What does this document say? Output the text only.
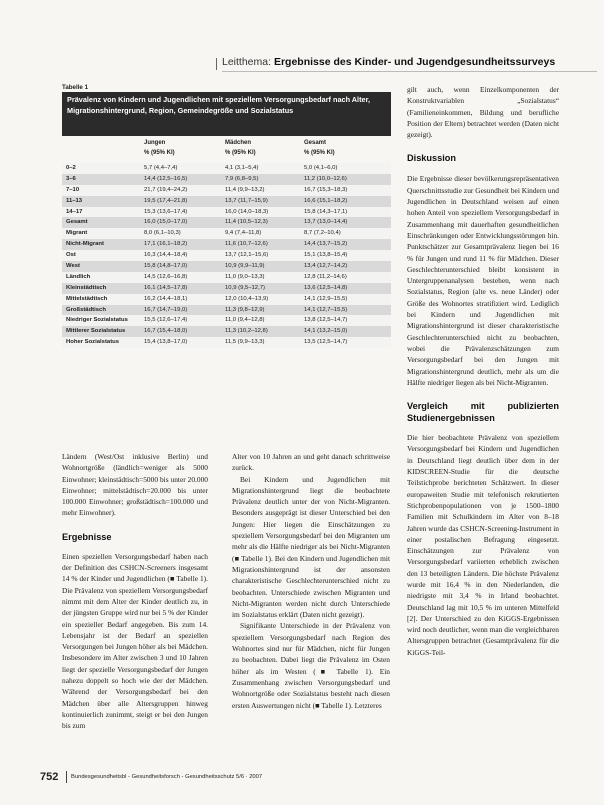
Leitthema: Ergebnisse des Kinder- und Jugendgesundheitssurveys
Tabelle 1
Prävalenz von Kindern und Jugendlichen mit speziellem Versorgungsbedarf nach Alter, Migrationshintergrund, Region, Gemeindegröße und Sozialstatus
Jungen
% (95% KI)
Mädchen
% (95% KI)
Gesamt
% (95% KI)
0–2	5,7 (4,4–7,4)	4,1 (3,1–5,4)	5,0 (4,1–6,0)
3–6	14,4 (12,5–16,5)	7,9 (6,8–9,5)	11,2 (10,0–12,6)
7–10	21,7 (19,4–24,2)	11,4 (9,9–13,2)	16,7 (15,3–18,3)
11–13	19,5 (17,4–21,8)	13,7 (11,7–15,9)	16,6 (15,1–18,2)
14–17	15,3 (13,6–17,4)	16,0 (14,0–18,3)	15,8 (14,3–17,1)
Gesamt	16,0 (15,0–17,0)	11,4 (10,5–12,3)	13,7 (13,0–14,4)
Migrant	8,0 (6,1–10,3)	9,4 (7,4–11,8)	8,7 (7,2–10,4)
Nicht-Migrant	17,1 (16,1–18,2)	11,6 (10,7–12,6)	14,4 (13,7–15,2)
Ost	16,3 (14,4–18,4)	13,7 (12,1–15,6)	15,1 (13,8–15,4)
West	15,8 (14,8–17,0)	10,9 (9,9–11,9)	13,4 (12,7–14,2)
Ländlich	14,5 (12,6–16,8)	11,0 (9,0–13,3)	12,8 (11,2–14,6)
Kleinstädtisch	16,1 (14,5–17,8)	10,9 (9,5–12,7)	13,6 (12,5–14,8)
Mittelstädtisch	16,2 (14,4–18,1)	12,0 (10,4–13,9)	14,1 (12,9–15,5)
Großstädtisch	16,7 (14,7–19,0)	11,3 (9,8–12,9)	14,1 (12,7–15,5)
Niedriger Sozialstatus	15,5 (12,6–17,4)	11,0 (9,4–12,8)	13,8 (12,5–14,7)
Mittlerer Sozialstatus	16,7 (15,4–18,0)	11,3 (10,2–12,8)	14,1 (13,2–15,0)
Hoher Sozialstatus	15,4 (13,8–17,0)	11,5 (9,9–13,3)	13,5 (12,5–14,7)

Ländern (West/Ost inklusive Berlin) und Wohnortgröße (ländlich=weniger als 5000 Einwohner; kleinstädtisch=5000 bis unter 20.000 Einwohner; mittelstädtisch=20.000 bis unter 100.000 Einwohner; großstädtisch=100.000 und mehr Einwohner).

Ergebnisse

Einen speziellen Versorgungsbedarf haben nach der Definition des CSHCN-Screeners insgesamt 14 % der Kinder und Jugendlichen (■ Tabelle 1). Die Prävalenz von speziellem Versorgungsbedarf nimmt mit dem Alter der Kinder deutlich zu, in der jüngsten Gruppe wird nur bei 5 % der Kinder ein spezieller Bedarf angegeben. Bis zum 14. Lebensjahr ist der Bedarf an speziellen Versorgungen bei Jungen höher als bei Mädchen. Insbesondere im Alter zwischen 3 und 10 Jahren liegt der spezielle Versorgungsbedarf der Jungen nahezu doppelt so hoch wie der der Mädchen. Während der Versorgungsbedarf bei den Mädchen über alle Altersgruppen hinweg kontinuierlich zunimmt, steigt er bei den Jungen bis zum

Alter von 10 Jahren an und geht danach schrittweise zurück.

Bei Kindern und Jugendlichen mit Migrationshintergrund liegt die beobachtete Prävalenz deutlich unter der von Nicht-Migranten. Besonders ausgeprägt ist dieser Unterschied bei den Jungen: Hier liegen die Einschätzungen zu speziellem Versorgungsbedarf bei den Migranten um mehr als die Hälfte niedriger als bei Nicht-Migranten (■ Tabelle 1). Bei den Kindern und Jugendlichen mit Migrationshintergrund ist der ansonsten charakteristische Geschlechterunterschied nicht zu beobachten. Unterschiede zwischen Migranten und Nicht-Migranten werden nicht durch Unterschiede im Sozialstatus erklärt (Daten nicht gezeigt).

Signifikante Unterschiede in der Prävalenz von speziellem Versorgungsbedarf nach Region des Wohnortes sind nur für Mädchen, nicht für Jungen zu beobachten. Dabei liegt die Prävalenz im Osten höher als im Westen (■ Tabelle 1). Ein Zusammenhang zwischen Versorgungsbedarf und Wohnortgröße oder Sozialstatus besteht nach diesen ersten Auswertungen nicht (■ Tabelle 1). Letzteres

gilt auch, wenn Einzelkomponenten der Konstruktvariablen „Sozialstatus“ (Familieneinkommen, Bildung und berufliche Position der Eltern) betrachtet werden (Daten nicht gezeigt).

Diskussion

Die Ergebnisse dieser bevölkerungsrepräsentativen Querschnittsstudie zur Gesundheit bei Kindern und Jugendlichen in Deutschland weisen auf einen hohen Anteil von speziellem Versorgungsbedarf in Zusammenhang mit dauerhaften gesundheitlichen Einschränkungen oder Entwicklungsstörungen hin. Punktschätzer zur Gesamtprävalenz liegen bei 16 % für Jungen und rund 11 % für Mädchen. Dieser Geschlechterunterschied bleibt konsistent in Untergruppenanalysen bestehen, wenn nach Sozialstatus, Region (alte vs. neue Länder) oder Größe des Wohnortes stratifiziert wird. Lediglich bei Kindern und Jugendlichen mit Migrationshintergrund ist dieser charakteristische Geschlechterunterschied nicht zu beobachten, wobei die Prävalenzschätzungen zum Versorgungsbedarf bei den Jungen mit Migrationshintergrund deutlich, mehr als um die Hälfte niedriger liegen als bei Nicht-Migranten.

Vergleich mit publizierten Studienergebnissen

Die hier beobachtete Prävalenz von speziellem Versorgungsbedarf bei Kindern und Jugendlichen in Deutschland liegt deutlich über dem in der KIDSCREEN-Studie für die deutsche Teilstichprobe berichteten Schätzwert. In dieser europaweiten Studie mit telefonisch rekrutierten Stichprobenpopulationen von je 1500–1800 Familien mit Schulkindern im Alter von 8–18 Jahren wurde das CSHCN-Screening-Instrument in einer postalischen Befragung eingesetzt. Einschätzungen zur Prävalenz von Versorgungsbedarf variierten erheblich zwischen den 13 beteiligten Ländern. Die höchste Prävalenz wurde mit 16,4 % in den Niederlanden, die niedrigste mit 3,4 % in Irland beobachtet. Deutschland lag mit 10,5 % im unteren Mittelfeld [2]. Der Unterschied zu den KiGGS-Ergebnissen wird noch deutlicher, wenn man die vergleichbaren Altersgruppen betrachtet (Gesamtprävalenz für die KiGGS-Teil-

752 Bundesgesundheitsbl - Gesundheitsforsch - Gesundheitsschutz 5/6 · 2007
